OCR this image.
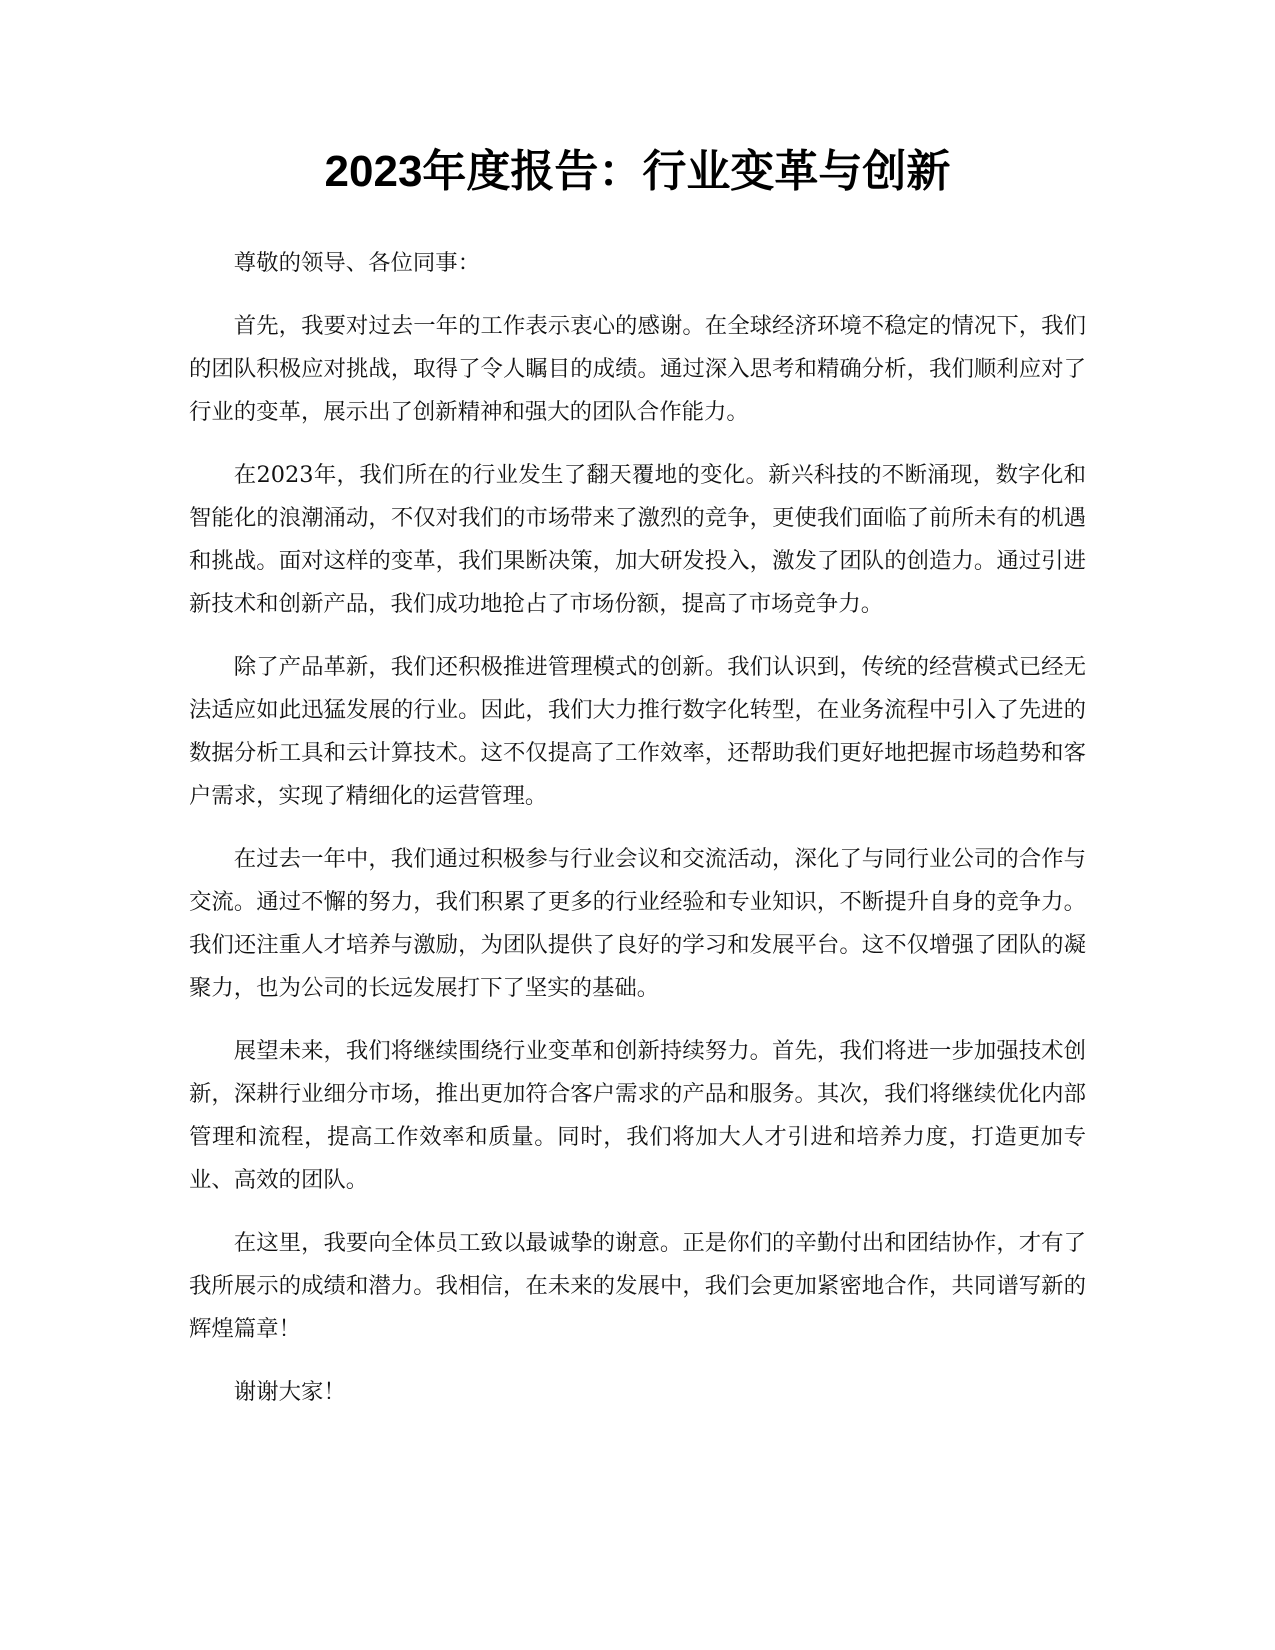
2023年度报告：行业变革与创新

尊敬的领导、各位同事：

首先，我要对过去一年的工作表示衷心的感谢。在全球经济环境不稳定的情况下，我们的团队积极应对挑战，取得了令人瞩目的成绩。通过深入思考和精确分析，我们顺利应对了行业的变革，展示出了创新精神和强大的团队合作能力。

在2023年，我们所在的行业发生了翻天覆地的变化。新兴科技的不断涌现，数字化和智能化的浪潮涌动，不仅对我们的市场带来了激烈的竞争，更使我们面临了前所未有的机遇和挑战。面对这样的变革，我们果断决策，加大研发投入，激发了团队的创造力。通过引进新技术和创新产品，我们成功地抢占了市场份额，提高了市场竞争力。

除了产品革新，我们还积极推进管理模式的创新。我们认识到，传统的经营模式已经无法适应如此迅猛发展的行业。因此，我们大力推行数字化转型，在业务流程中引入了先进的数据分析工具和云计算技术。这不仅提高了工作效率，还帮助我们更好地把握市场趋势和客户需求，实现了精细化的运营管理。

在过去一年中，我们通过积极参与行业会议和交流活动，深化了与同行业公司的合作与交流。通过不懈的努力，我们积累了更多的行业经验和专业知识，不断提升自身的竞争力。我们还注重人才培养与激励，为团队提供了良好的学习和发展平台。这不仅增强了团队的凝聚力，也为公司的长远发展打下了坚实的基础。

展望未来，我们将继续围绕行业变革和创新持续努力。首先，我们将进一步加强技术创新，深耕行业细分市场，推出更加符合客户需求的产品和服务。其次，我们将继续优化内部管理和流程，提高工作效率和质量。同时，我们将加大人才引进和培养力度，打造更加专业、高效的团队。

在这里，我要向全体员工致以最诚挚的谢意。正是你们的辛勤付出和团结协作，才有了我所展示的成绩和潜力。我相信，在未来的发展中，我们会更加紧密地合作，共同谱写新的辉煌篇章！

谢谢大家！
